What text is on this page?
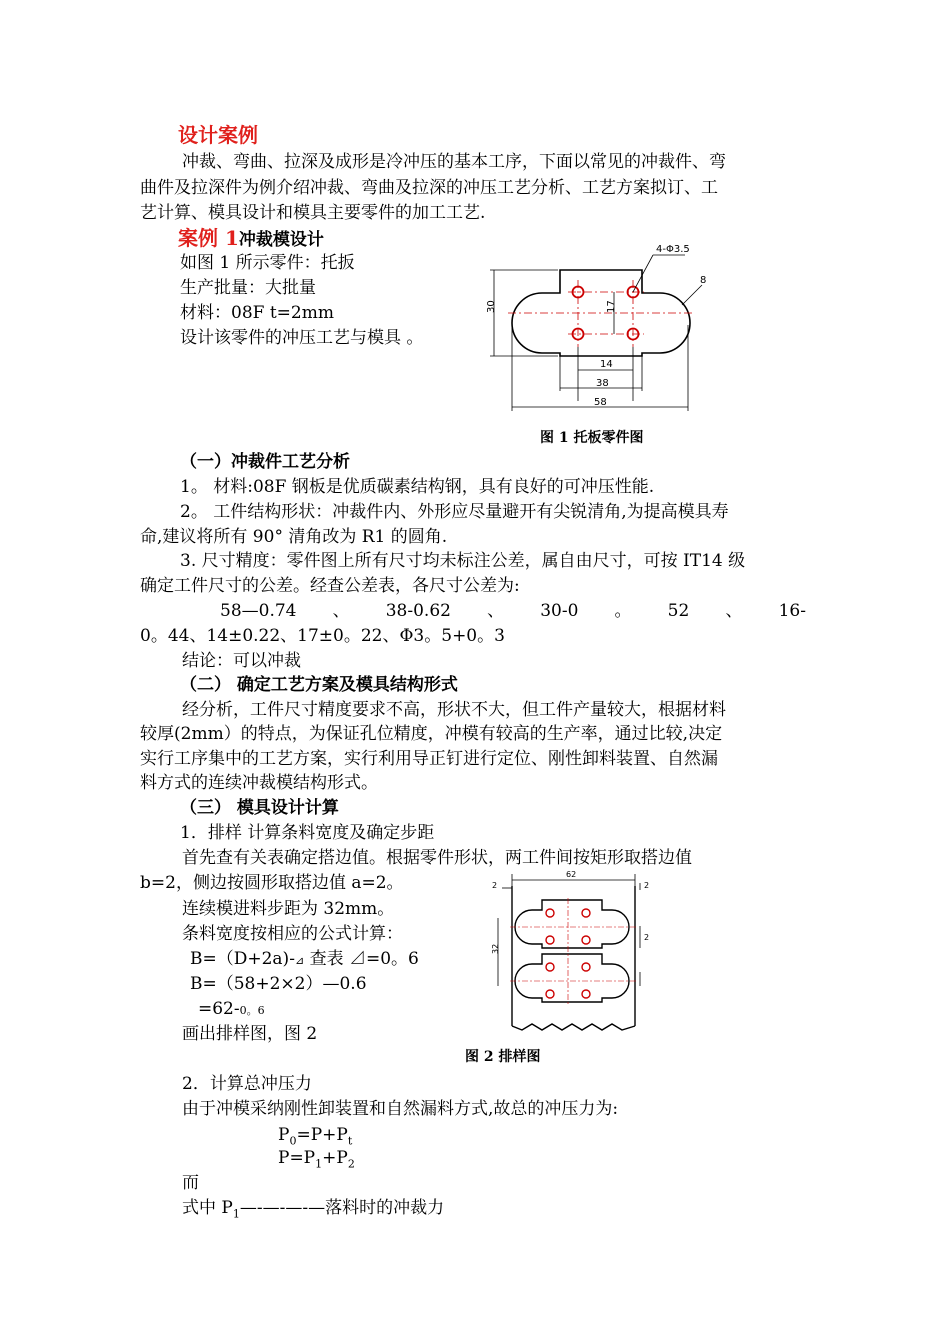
设计案例
冲裁、弯曲、拉深及成形是冷冲压的基本工序，下面以常见的冲裁件、弯
曲件及拉深件为例介绍冲裁、弯曲及拉深的冲压工艺分析、工艺方案拟订、工
艺计算、模具设计和模具主要零件的加工工艺.
案例 1冲裁模设计
如图 1 所示零件：托扳
生产批量：大批量
材料：08F t=2mm
设计该零件的冲压工艺与模具 。
4-Φ3.5
8
30	17
14
38
58
图 1 托板零件图
（一）冲裁件工艺分析
1。 材料:08F 钢板是优质碳素结构钢，具有良好的可冲压性能.
2。 工件结构形状：冲裁件内、外形应尽量避开有尖锐清角,为提高模具寿
命,建议将所有 90° 清角改为 R1 的圆角.
3. 尺寸精度：零件图上所有尺寸均未标注公差，属自由尺寸，可按 IT14 级
确定工件尺寸的公差。经查公差表，各尺寸公差为:
58—0.74 、 38-0.62 、 30-0 。 52 、 16-
0。44、14±0.22、17±0。22、Φ3。5+0。3
结论：可以冲裁
（二） 确定工艺方案及模具结构形式
经分析，工件尺寸精度要求不高，形状不大，但工件产量较大，根据材料
较厚(2mm）的特点，为保证孔位精度，冲模有较高的生产率，通过比较,决定
实行工序集中的工艺方案，实行利用导正钉进行定位、刚性卸料装置、自然漏
料方式的连续冲裁模结构形式。
（三） 模具设计计算
1．排样 计算条料宽度及确定步距
首先查有关表确定搭边值。根据零件形状，两工件间按矩形取搭边值
b=2，侧边按圆形取搭边值 a=2。
连续模进料步距为 32mm。
条料宽度按相应的公式计算：
B=（D+2a)-⊿ 查表 ⊿=0。6
B=（58+2×2）—0.6
=62-0。6
画出排样图，图 2
2
62
2
32
2
图 2 排样图
2．计算总冲压力
由于冲模采纳刚性卸装置和自然漏料方式,故总的冲压力为:
$P_0=P+P_t$
$P=P_1+P_2$
而
式中 $P_1—-—-—-—$落料时的冲裁力
